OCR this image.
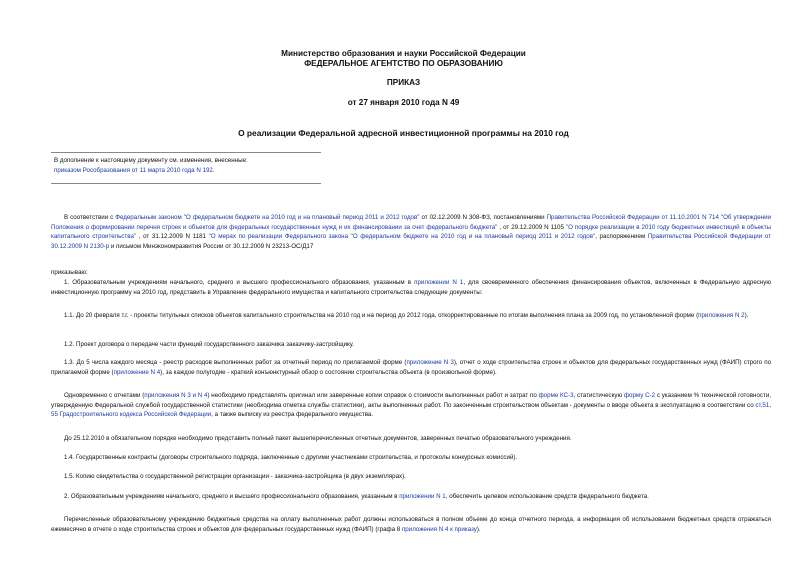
Министерство образования и науки Российской Федерации
ФЕДЕРАЛЬНОЕ АГЕНТСТВО ПО ОБРАЗОВАНИЮ
ПРИКАЗ
от 27 января 2010 года N 49
О реализации Федеральной адресной инвестиционной программы на 2010 год
В дополнение к настоящему документу см. изменения, внесенные:
приказом Рособразования от 11 марта 2010 года N 192.
В соответствии с Федеральным законом "О федеральном бюджете на 2010 год и на плановый период 2011 и 2012 годов" от 02.12.2009 N 308-ФЗ, постановлениями Правительства Российской Федерации от 11.10.2001 N 714 "Об утверждении Положения о формировании перечня строек и объектов для федеральных государственных нужд и их финансировании за счет федерального бюджета" , от 29.12.2009 N 1105 "О порядке реализации в 2010 году бюджетных инвестиций в объекты капитального строительства" , от 31.12.2009 N 1181 "О мерах по реализации Федерального закона "О федеральном бюджете на 2010 год и на плановый период 2011 и 2012 годов", распоряжением Правительства Российской Федерации от 30.12.2009 N 2130-р и письмом Минэкономразвития России от 30.12.2009 N 23213-ОС/Д17
приказываю:
1. Образовательным учреждениям начального, среднего и высшего профессионального образования, указанным в приложении N 1, для своевременного обеспечения финансирования объектов, включенных в Федеральную адресную инвестиционную программу на 2010 год, представить в Управление федерального имущества и капитального строительства следующие документы:
1.1. До 20 февраля т.г. - проекты титульных списков объектов капитального строительства на 2010 год и на период до 2012 года, откорректированные по итогам выполнения плана за 2009 год, по установленной форме (приложения N 2).
1.2. Проект договора о передаче части функций государственного заказчика заказчику-застройщику.
1.3. До 5 числа каждого месяца - реестр расходов выполненных работ за отчетный период по прилагаемой форме (приложение N 3), отчет о ходе строительства строек и объектов для федеральных государственных нужд (ФАИП) строго по прилагаемой форме (приложение N 4), за каждое полугодие - краткий конъюнктурный обзор о состоянии строительства объекта (в произвольной форме).
Одновременно с отчетами (приложения N 3 и N 4) необходимо представлять оригинал или заверенные копии справок о стоимости выполненных работ и затрат по форме КС-3, статистическую форму С-2 с указанием % технической готовности, утвержденную Федеральной службой государственной статистики (необходима отметка службы статистики), акты выполненных работ. По законченным строительством объектам - документы о вводе объекта в эксплуатацию в соответствии со ст.51, 55 Градостроительного кодекса Российской Федерации, а также выписку из реестра федерального имущества.
До 25.12.2010 в обязательном порядке необходимо представить полный пакет вышеперечисленных отчетных документов, заверенных печатью образовательного учреждения.
1.4. Государственные контракты (договоры строительного подряда, заключенные с другими участниками строительства, и протоколы конкурсных комиссий).
1.5. Копию свидетельства о государственной регистрации организации - заказчика-застройщика (в двух экземплярах).
2. Образовательным учреждениям начального, среднего и высшего профессионального образования, указанным в приложении N 1, обеспечить целевое использование средств федерального бюджета.
Перечисленные образовательному учреждению бюджетные средства на оплату выполненных работ должны использоваться в полном объеме до конца отчетного периода, а информация об использовании бюджетных средств отражаться ежемесячно в отчете о ходе строительства строек и объектов для федеральных государственных нужд (ФАИП) (графа 8 приложения N 4 к приказу).
